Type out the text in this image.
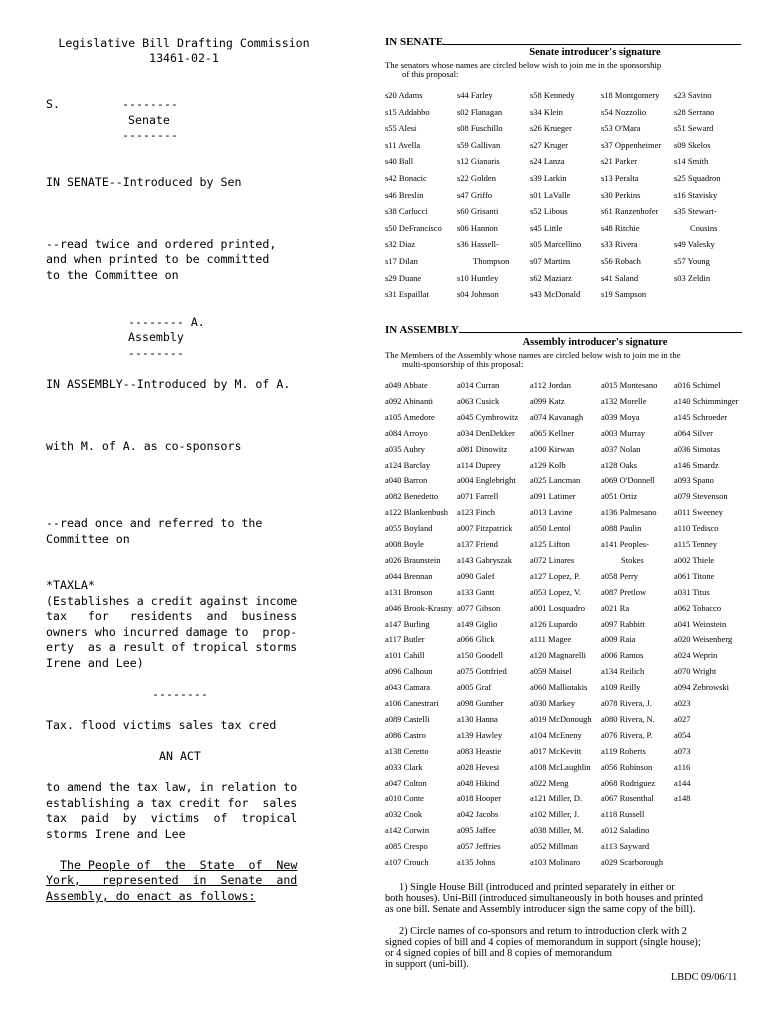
Legislative Bill Drafting Commission
13461-02-1
S.	--------
Senate
--------
IN SENATE--Introduced by Sen
--read twice and ordered printed,
and when printed to be committed
to the Committee on
-------- A.
Assembly
--------
IN ASSEMBLY--Introduced by M. of A.
with M. of A. as co-sponsors
--read once and referred to the
Committee on
*TAXLA*
(Establishes a credit against income
tax   for   residents  and  business
owners who incurred damage to  prop-
erty  as a result of tropical storms
Irene and Lee)
--------
Tax. flood victims sales tax cred
AN ACT
to amend the tax law, in relation to
establishing a tax credit for  sales
tax  paid  by  victims  of  tropical
storms Irene and Lee
The People of  the  State  of  New
York,   represented  in  Senate  and
Assembly, do enact as follows:
IN SENATE
Senate introducer's signature
The senators whose names are circled below wish to join me in the sponsorship
of this proposal:
s20 Adams	s44 Farley	s58 Kennedy	s18 Montgomery s23 Savino
s15 Addabbo	s02 Flanagan	s34 Klein	s54 Nozzolio	s28 Serrano
s55 Alesi	s08 Fuschillo	s26 Krueger	s53 O'Mara	s51 Seward
s11 Avella	s59 Gallivan	s27 Kruger	s37 Oppenheimer s09 Skelos
s40 Ball	s12 Gianaris	s24 Lanza	s21 Parker	s14 Smith
s42 Bonacic	s22 Golden	s39 Larkin	s13 Peralta	s25 Squadron
s46 Breslin	s47 Griffo	s01 LaValle	s30 Perkins	s16 Stavisky
s38 Carlucci	s60 Grisanti	s52 Libous	s61 Ranzenhofer s35 Stewart-
s50 DeFrancisco s06 Hannon	s45 Little	s48 Ritchie	Cousins
s32 Diaz	s36 Hassell-	s05 Marcellino s33 Rivera	s49 Valesky
s17 Dilan	Thompson s07 Martins	s56 Robach	s57 Young
s29 Duane	s10 Huntley	s62 Maziarz	s41 Saland	s03 Zeldin
s31 Espaillat	s04 Johnson	s43 McDonald s19 Sampson
IN ASSEMBLY
Assembly introducer's signature
The Members of the Assembly whose names are circled below wish to join me in the
multi-sponsorship of this proposal:
a049 Abbate	a014 Curran	a112 Jordan	a015 Montesano a016 Schimel
a092 Abinanti	a063 Cusick	a099 Katz	a132 Morelle	a140 Schimminger
a105 Amedore	a045 Cymbrowitz a074 Kavanagh a039 Moya	a145 Schroeder
a084 Arroyo	a034 DenDekker a065 Kellner	a003 Murray	a064 Silver
a035 Aubry	a081 Dinowitz	a100 Kirwan	a037 Nolan	a036 Simotas
a124 Barclay	a114 Duprey	a129 Kolb	a128 Oaks	a146 Smardz
a040 Barron	a004 Englebright a025 Lancman a069 O'Donnell a093 Spano
a082 Benedetto a071 Farrell	a091 Latimer	a051 Ortiz	a079 Stevenson
a122 Blankenbush a123 Finch	a013 Lavine	a136 Palmesano a011 Sweeney
a055 Boyland	a007 Fitzpatrick a050 Lentol	a088 Paulin	a110 Tedisco
a008 Boyle	a137 Friend	a125 Lifton	a141 Peoples-	a115 Tenney
a026 Braunstein a143 Gabryszak a072 Linares	Stokes	a002 Thiele
a044 Brennan	a090 Galef	a127 Lopez, P. a058 Perry	a061 Titone
a131 Bronson	a133 Gantt	a053 Lopez, V. a087 Pretlow	a031 Titus
a046 Brook-Krasny a077 Gibson	a001 Losquadro a021 Ra	a062 Tobacco
a147 Burling	a149 Giglio	a126 Lupardo	a097 Rabbitt	a041 Weinstein
a117 Butler	a066 Glick	a111 Magee	a009 Raia	a020 Weisenberg
a101 Cahill	a150 Goodell	a120 Magnarelli a006 Ramos	a024 Weprin
a096 Calhoun	a075 Gottfried	a059 Maisel	a134 Reilich	a070 Wright
a043 Camara	a005 Graf	a060 Malliotakis a109 Reilly	a094 Zebrowski
a106 Canestrari a098 Gunther	a030 Markey	a078 Rivera, J.	a023
a089 Castelli	a130 Hanna	a019 McDonough a080 Rivera, N. a027
a086 Castro	a139 Hawley	a104 McEneny a076 Rivera, P.	a054
a138 Ceretto	a083 Heastie	a017 McKevitt a119 Roberts	a073
a033 Clark	a028 Hevesi	a108 McLaughlin a056 Robinson	a116
a047 Colton	a048 Hikind	a022 Meng	a068 Rodriguez a144
a010 Conte	a018 Hooper	a121 Miller, D. a067 Rosenthal a148
a032 Cook	a042 Jacobs	a102 Miller, J.	a118 Russell
a142 Corwin	a095 Jaffee	a038 Miller, M. a012 Saladino
a085 Crespo	a057 Jeffries	a052 Millman	a113 Sayward
a107 Crouch	a135 Johns	a103 Molinaro a029 Scarborough
1) Single House Bill (introduced and printed separately in either or
both houses). Uni-Bill (introduced simultaneously in both houses and printed
as one bill. Senate and Assembly introducer sign the same copy of the bill).
2) Circle names of co-sponsors and return to introduction clerk with 2
signed copies of bill and 4 copies of memorandum in support (single house);
or 4 signed copies of bill and 8 copies of memorandum
in support (uni-bill).
LBDC 09/06/11
